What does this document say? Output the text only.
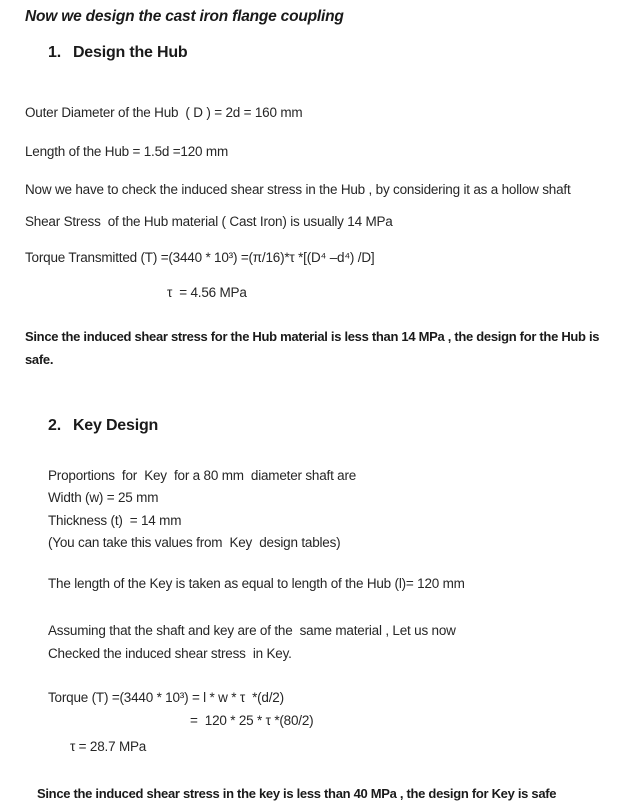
Now we design the cast iron flange coupling
1. Design the Hub
Outer Diameter of the Hub  ( D ) = 2d = 160 mm
Length of the Hub = 1.5d =120 mm
Now we have to check the induced shear stress in the Hub , by considering it as a hollow shaft
Shear Stress  of the Hub material ( Cast Iron) is usually 14 MPa
Torque Transmitted (T) =(3440 * 10³) =(π/16)*τ *[(D⁴ –d⁴) /D]
τ  = 4.56 MPa
Since the induced shear stress for the Hub material is less than 14 MPa , the design for the Hub is safe.
2. Key Design
Proportions  for  Key  for a 80 mm  diameter shaft are
Width (w) = 25 mm
Thickness (t)  = 14 mm
(You can take this values from  Key  design tables)
The length of the Key is taken as equal to length of the Hub (l)= 120 mm
Assuming that the shaft and key are of the  same material , Let us now
Checked the induced shear stress  in Key.
Torque (T) =(3440 * 10³) = l * w * τ  *(d/2)
=  120 * 25 * τ *(80/2)
τ = 28.7 MPa
Since the induced shear stress in the key is less than 40 MPa , the design for Key is safe
